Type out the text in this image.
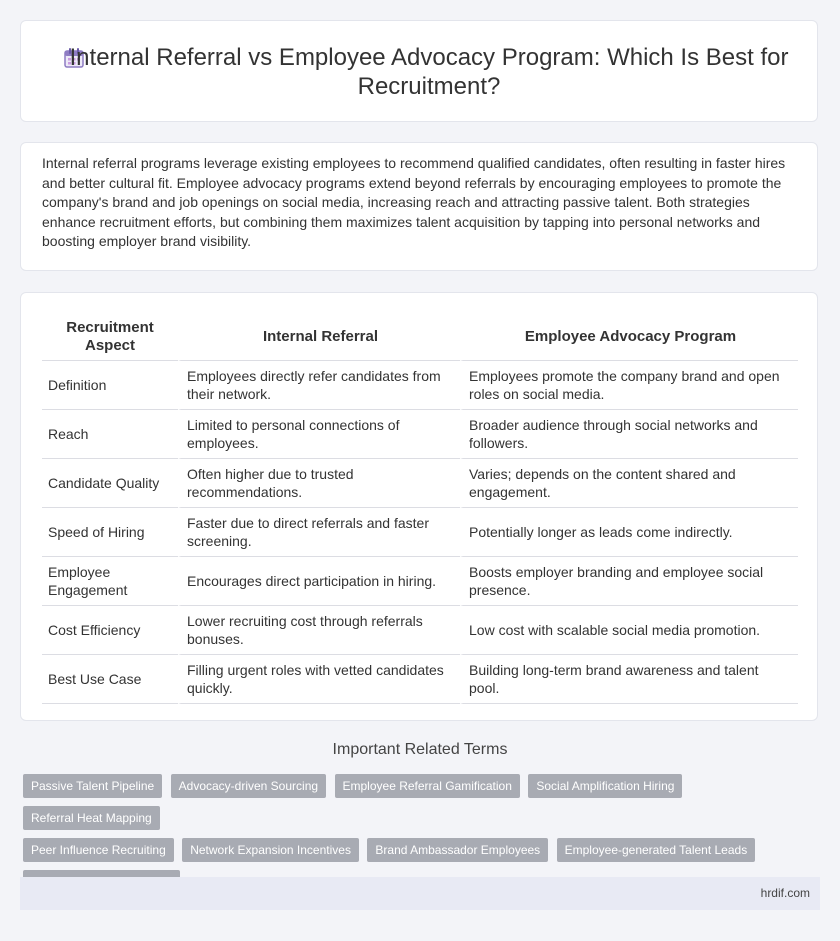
Internal Referral vs Employee Advocacy Program: Which Is Best for Recruitment?
Internal referral programs leverage existing employees to recommend qualified candidates, often resulting in faster hires and better cultural fit. Employee advocacy programs extend beyond referrals by encouraging employees to promote the company's brand and job openings on social media, increasing reach and attracting passive talent. Both strategies enhance recruitment efforts, but combining them maximizes talent acquisition by tapping into personal networks and boosting employer brand visibility.
Recruitment Aspect	Internal Referral	Employee Advocacy Program
Definition	Employees directly refer candidates from their network.	Employees promote the company brand and open roles on social media.
Reach	Limited to personal connections of employees.	Broader audience through social networks and followers.
Candidate Quality	Often higher due to trusted recommendations.	Varies; depends on the content shared and engagement.
Speed of Hiring	Faster due to direct referrals and faster screening.	Potentially longer as leads come indirectly.
Employee Engagement	Encourages direct participation in hiring.	Boosts employer branding and employee social presence.
Cost Efficiency	Lower recruiting cost through referrals bonuses.	Low cost with scalable social media promotion.
Best Use Case	Filling urgent roles with vetted candidates quickly.	Building long-term brand awareness and talent pool.
Important Related Terms
Passive Talent Pipeline Advocacy-driven Sourcing Employee Referral Gamification Social Amplification Hiring Referral Heat Mapping
Peer Influence Recruiting Network Expansion Incentives Brand Ambassador Employees Employee-generated Talent Leads

hrdif.com
